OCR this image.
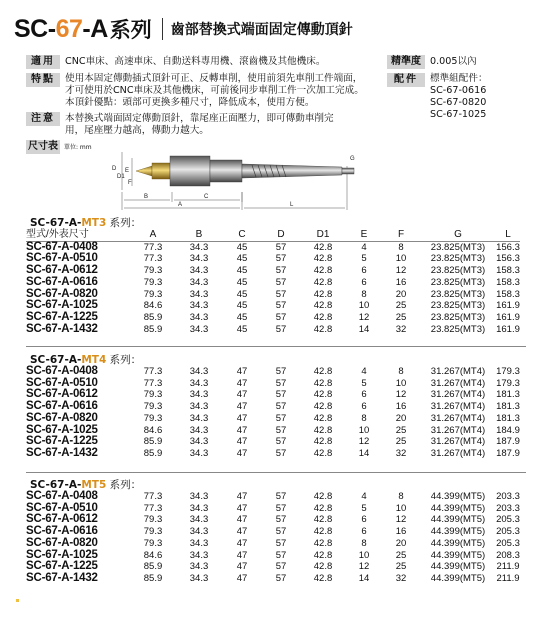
SC-67-A 系列 齒部替換式端面固定傳動頂針
適用	CNC車床、高速車床、自動送料專用機、滾齒機及其他機床。
特點	使用本固定傳動插式頂針可正、反轉車削，使用前須先車削工件端面，
才可使用於CNC車床及其他機床，可前後同步車削工件一次加工完成。
本頂針優點：頭部可更換多種尺寸，降低成本，使用方便。
注意	本替換式端面固定傳動頂針，靠尾座正面壓力，即可傳動車削完
用，尾座壓力越高，傳動力越大。
尺寸表	單位: mm
精準度 0.005以內
配件	標準組配件：
SC-67-0616
SC-67-0820
SC-67-1025
D
D1
E
F
B	C
A
G
L
SC-67-A-MT3 系列：
型式/外表尺寸	A	B	C	D	D1	E	F	G	L
SC-67-A-0408	77.3	34.3	45	57	42.8	4	8	23.825(MT3)	156.3
SC-67-A-0510	77.3	34.3	45	57	42.8	5	10	23.825(MT3)	156.3
SC-67-A-0612	79.3	34.3	45	57	42.8	6	12	23.825(MT3)	158.3
SC-67-A-0616	79.3	34.3	45	57	42.8	6	16	23.825(MT3)	158.3
SC-67-A-0820	79.3	34.3	45	57	42.8	8	20	23.825(MT3)	158.3
SC-67-A-1025	84.6	34.3	45	57	42.8	10	25	23.825(MT3)	161.9
SC-67-A-1225	85.9	34.3	45	57	42.8	12	25	23.825(MT3)	161.9
SC-67-A-1432	85.9	34.3	45	57	42.8	14	32	23.825(MT3)	161.9
SC-67-A-MT4 系列：
SC-67-A-0408	77.3	34.3	47	57	42.8	4	8	31.267(MT4)	179.3
SC-67-A-0510	77.3	34.3	47	57	42.8	5	10	31.267(MT4)	179.3
SC-67-A-0612	79.3	34.3	47	57	42.8	6	12	31.267(MT4)	181.3
SC-67-A-0616	79.3	34.3	47	57	42.8	6	16	31.267(MT4)	181.3
SC-67-A-0820	79.3	34.3	47	57	42.8	8	20	31.267(MT4)	181.3
SC-67-A-1025	84.6	34.3	47	57	42.8	10	25	31.267(MT4)	184.9
SC-67-A-1225	85.9	34.3	47	57	42.8	12	25	31.267(MT4)	187.9
SC-67-A-1432	85.9	34.3	47	57	42.8	14	32	31.267(MT4)	187.9
SC-67-A-MT5 系列：
SC-67-A-0408	77.3	34.3	47	57	42.8	4	8	44.399(MT5)	203.3
SC-67-A-0510	77.3	34.3	47	57	42.8	5	10	44.399(MT5)	203.3
SC-67-A-0612	79.3	34.3	47	57	42.8	6	12	44.399(MT5)	205.3
SC-67-A-0616	79.3	34.3	47	57	42.8	6	16	44.399(MT5)	205.3
SC-67-A-0820	79.3	34.3	47	57	42.8	8	20	44.399(MT5)	205.3
SC-67-A-1025	84.6	34.3	47	57	42.8	10	25	44.399(MT5)	208.3
SC-67-A-1225	85.9	34.3	47	57	42.8	12	25	44.399(MT5)	211.9
SC-67-A-1432	85.9	34.3	47	57	42.8	14	32	44.399(MT5)	211.9
